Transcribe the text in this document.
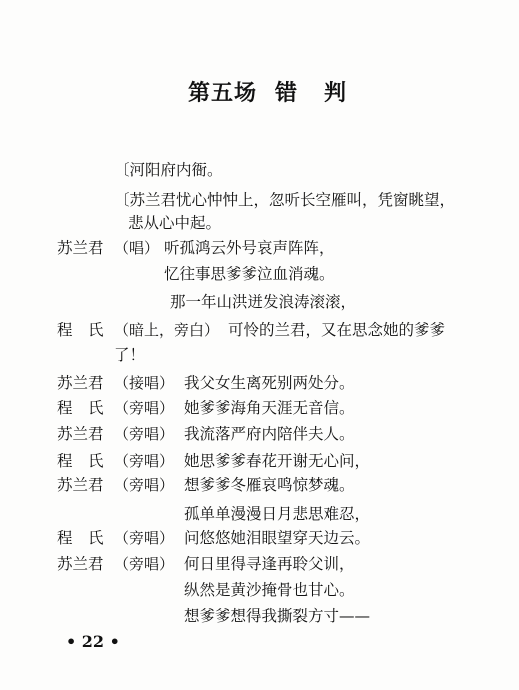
第五场 错 判
〔河阳府内衙。
〔苏兰君忧心忡忡上，忽听长空雁叫，凭窗眺望，
悲从心中起。
苏兰君 （唱） 听孤鸿云外号哀声阵阵，
忆往事思爹爹泣血消魂。
那一年山洪迸发浪涛滚滚，
程　氏 （暗上，旁白） 可怜的兰君，又在思念她的爹爹
了！
苏兰君 （接唱） 我父女生离死别两处分。
程　氏 （旁唱） 她爹爹海角天涯无音信。
苏兰君 （旁唱） 我流落严府内陪伴夫人。
程　氏 （旁唱） 她思爹爹春花开谢无心问，
苏兰君 （旁唱） 想爹爹冬雁哀鸣惊梦魂。
孤单单漫漫日月悲思难忍，
程　氏 （旁唱） 问悠悠她泪眼望穿天边云。
苏兰君 （旁唱） 何日里得寻逢再聆父训，
纵然是黄沙掩骨也甘心。
想爹爹想得我撕裂方寸——
• 22 •
